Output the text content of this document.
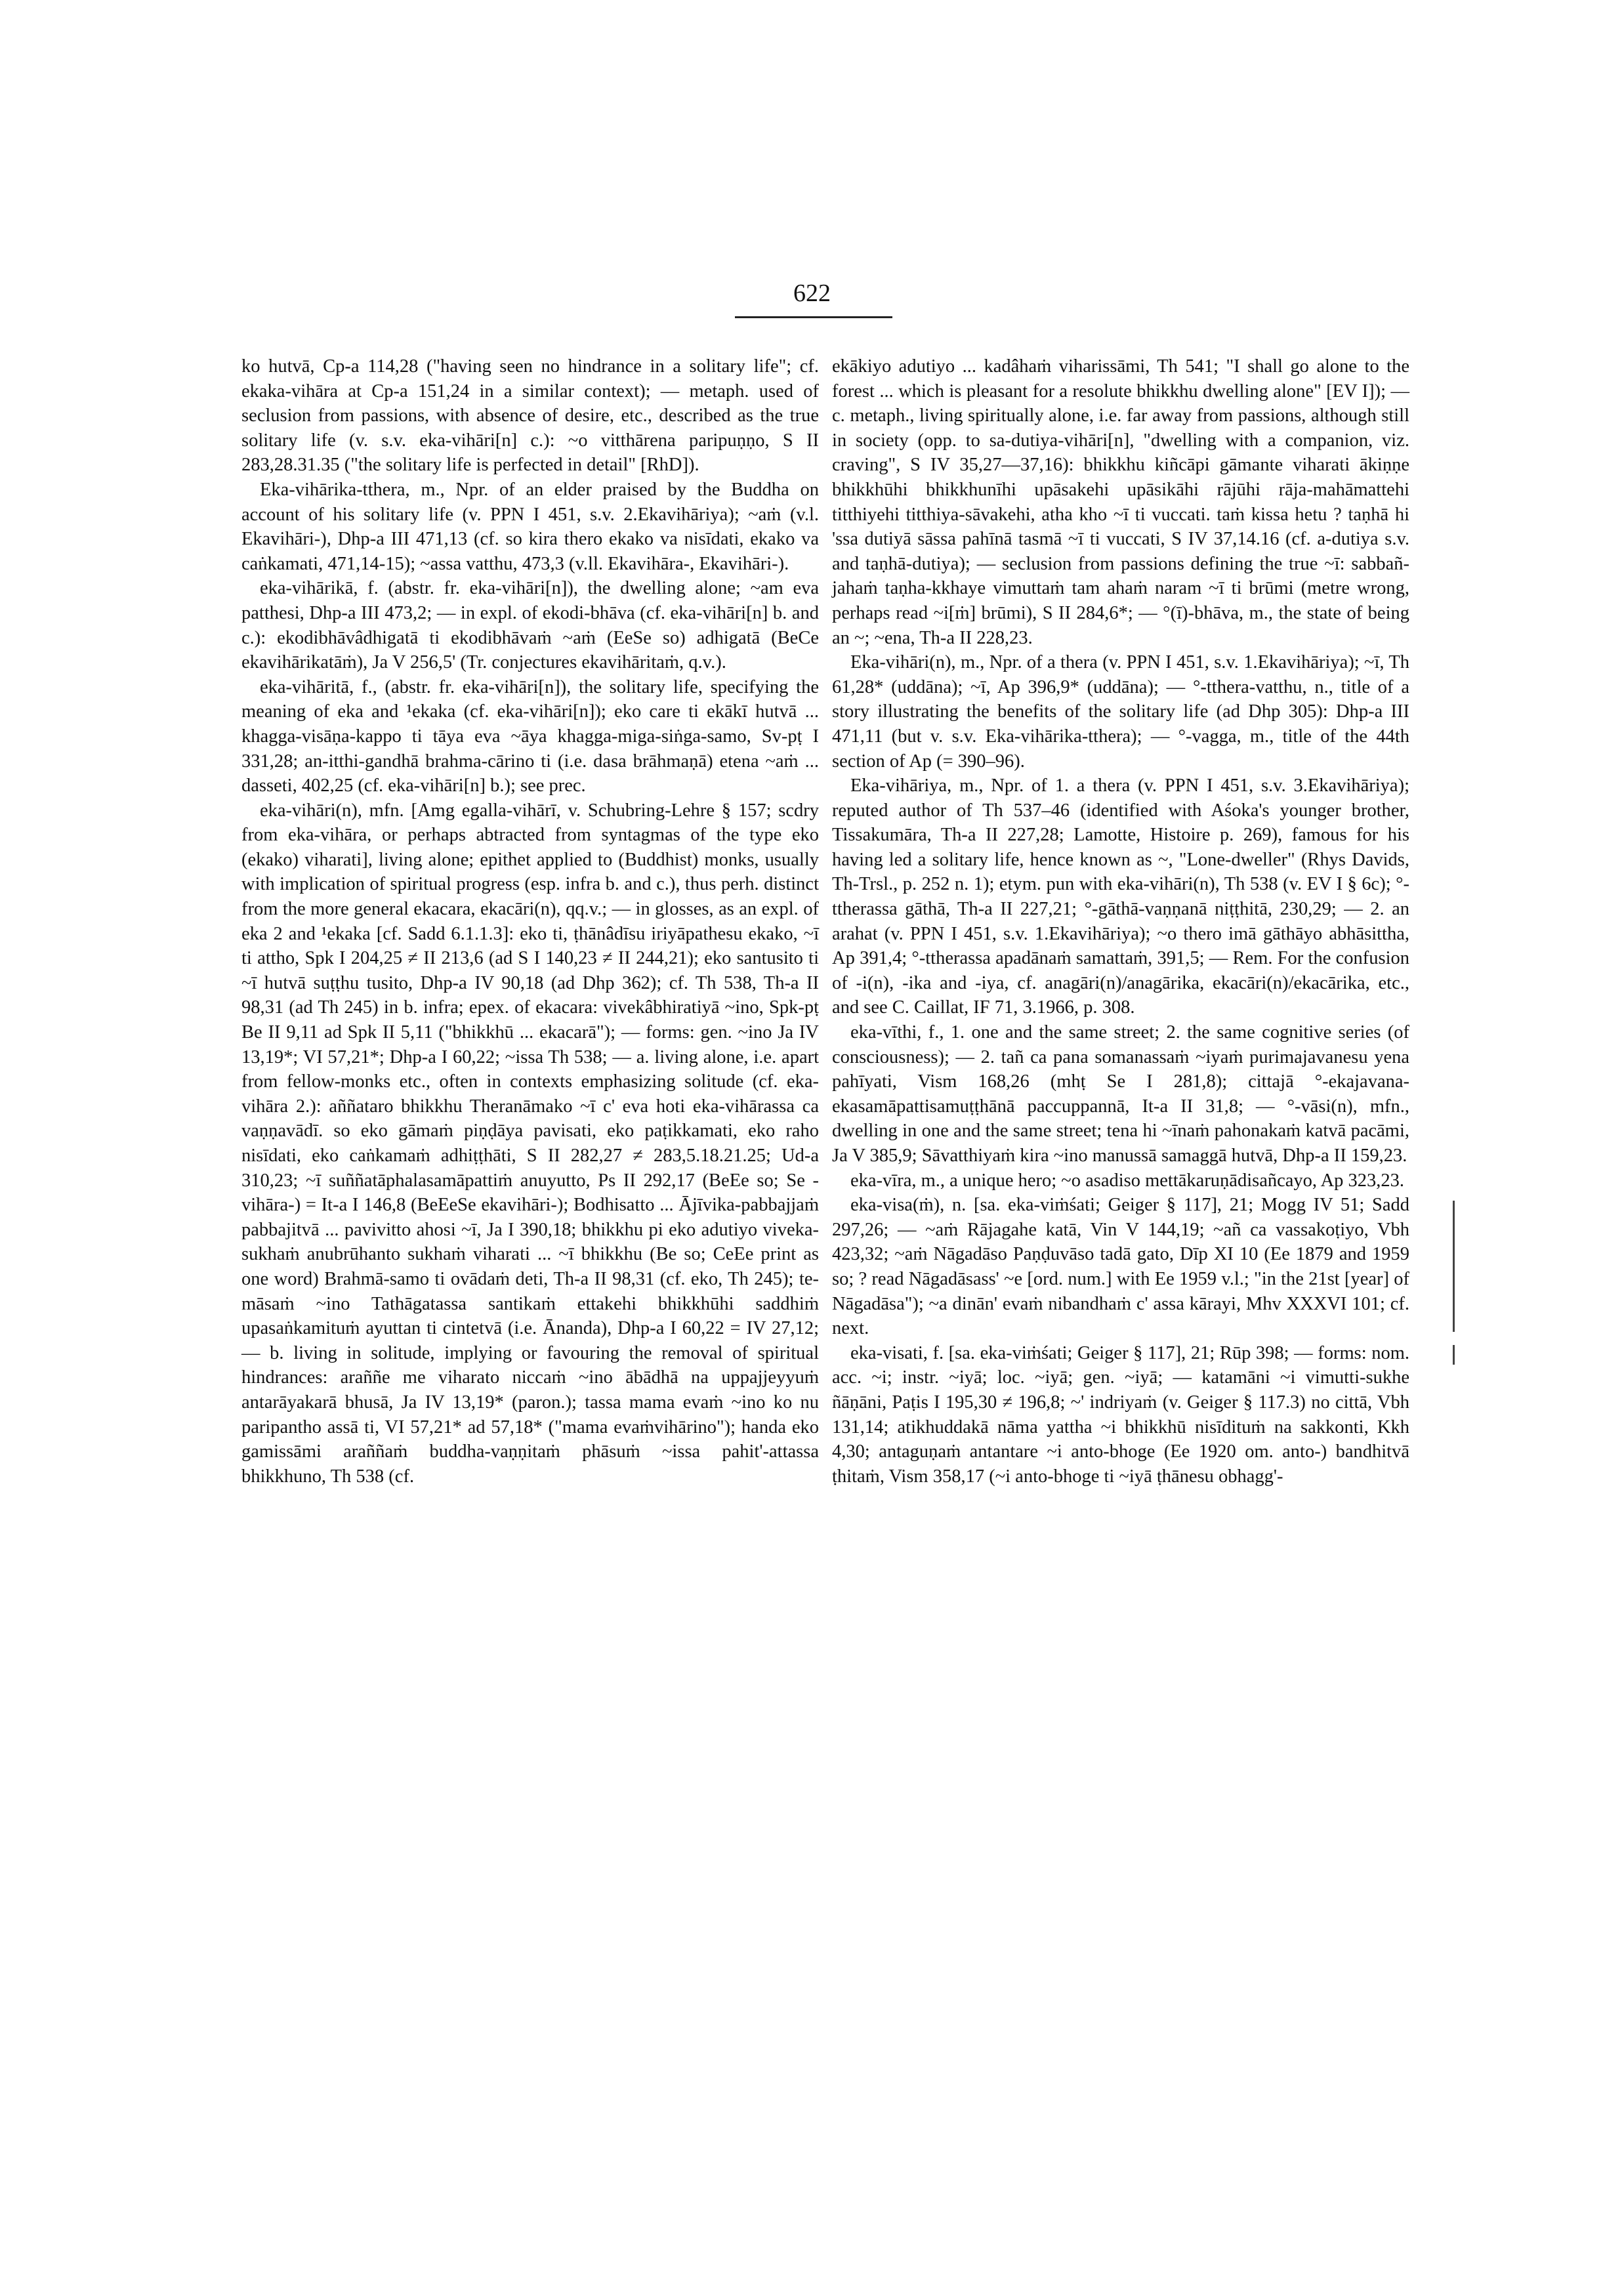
622

ko hutvā, Cp-a 114,28 ("having seen no hindrance in a solitary life"; cf. ekaka-vihāra at Cp-a 151,24 in a similar context); — metaph. used of seclusion from passions, with absence of desire, etc., described as the true solitary life (v. s.v. eka-vihāri[n] c.): ~o vitthārena paripuṇṇo, S II 283,28.31.35 ("the solitary life is perfected in detail" [RhD]).

Eka-vihārika-tthera, m., Npr. of an elder praised by the Buddha on account of his solitary life (v. PPN I 451, s.v. 2.Ekavihāriya); ~aṁ (v.l. Ekavihāri-), Dhp-a III 471,13 (cf. so kira thero ekako va nisīdati, ekako va caṅkamati, 471,14-15); ~assa vatthu, 473,3 (v.ll. Ekavihāra-, Ekavihāri-).

eka-vihārikā, f. (abstr. fr. eka-vihāri[n]), the dwelling alone; ~am eva patthesi, Dhp-a III 473,2; — in expl. of ekodi-bhāva (cf. eka-vihāri[n] b. and c.): ekodibhāvâdhigatā ti ekodibhāvaṁ ~aṁ (EeSe so) adhigatā (BeCe ekavihārikatāṁ), Ja V 256,5' (Tr. conjectures ekavihāritaṁ, q.v.).

eka-vihāritā, f., (abstr. fr. eka-vihāri[n]), the solitary life, specifying the meaning of eka and ¹ekaka (cf. eka-vihāri[n]); eko care ti ekākī hutvā ... khagga-visāṇa-kappo ti tāya eva ~āya khagga-miga-siṅga-samo, Sv-pṭ I 331,28; an-itthi-gandhā brahma-cārino ti (i.e. dasa brāhmaṇā) etena ~aṁ ... dasseti, 402,25 (cf. eka-vihāri[n] b.); see prec.

eka-vihāri(n), mfn. [Amg egalla-vihārī, v. Schubring-Lehre § 157; scdry from eka-vihāra, or perhaps abtracted from syntagmas of the type eko (ekako) viharati], living alone; epithet applied to (Buddhist) monks, usually with implication of spiritual progress (esp. infra b. and c.), thus perh. distinct from the more general ekacara, ekacāri(n), qq.v.; — in glosses, as an expl. of eka 2 and ¹ekaka [cf. Sadd 6.1.1.3]: eko ti, ṭhānâdīsu iriyāpathesu ekako, ~ī ti attho, Spk I 204,25 ≠ II 213,6 (ad S I 140,23 ≠ II 244,21); eko santusito ti ~ī hutvā suṭṭhu tusito, Dhp-a IV 90,18 (ad Dhp 362); cf. Th 538, Th-a II 98,31 (ad Th 245) in b. infra; epex. of ekacara: vivekâbhiratiyā ~ino, Spk-pṭ Be II 9,11 ad Spk II 5,11 ("bhikkhū ... ekacarā"); — forms: gen. ~ino Ja IV 13,19*; VI 57,21*; Dhp-a I 60,22; ~issa Th 538; — a. living alone, i.e. apart from fellow-monks etc., often in contexts emphasizing solitude (cf. eka-vihāra 2.): aññataro bhikkhu Theranāmako ~ī c' eva hoti eka-vihārassa ca vaṇṇavādī. so eko gāmaṁ piṇḍāya pavisati, eko paṭikkamati, eko raho nisīdati, eko caṅkamaṁ adhiṭṭhāti, S II 282,27 ≠ 283,5.18.21.25; Ud-a 310,23; ~ī suññatāphalasamāpattiṁ anuyutto, Ps II 292,17 (BeEe so; Se -vihāra-) = It-a I 146,8 (BeEeSe ekavihāri-); Bodhisatto ... Ājīvika-pabbajjaṁ pabbajitvā ... pavivitto ahosi ~ī, Ja I 390,18; bhikkhu pi eko adutiyo viveka-sukhaṁ anubrūhanto sukhaṁ viharati ... ~ī bhikkhu (Be so; CeEe print as one word) Brahmā-samo ti ovādaṁ deti, Th-a II 98,31 (cf. eko, Th 245); te-māsaṁ ~ino Tathāgatassa santikaṁ ettakehi bhikkhūhi saddhiṁ upasaṅkamituṁ ayuttan ti cintetvā (i.e. Ānanda), Dhp-a I 60,22 = IV 27,12; — b. living in solitude, implying or favouring the removal of spiritual hindrances: araññe me viharato niccaṁ ~ino ābādhā na uppajjeyyuṁ antarāyakarā bhusā, Ja IV 13,19* (paron.); tassa mama evaṁ ~ino ko nu paripantho assā ti, VI 57,21* ad 57,18* ("mama evaṁvihārino"); handa eko gamissāmi araññaṁ buddha-vaṇṇitaṁ phāsuṁ ~issa pahit'-attassa bhikkhuno, Th 538 (cf.

ekākiyo adutiyo ... kadâhaṁ viharissāmi, Th 541; "I shall go alone to the forest ... which is pleasant for a resolute bhikkhu dwelling alone" [EV I]); — c. metaph., living spiritually alone, i.e. far away from passions, although still in society (opp. to sa-dutiya-vihāri[n], "dwelling with a companion, viz. craving", S IV 35,27—37,16): bhikkhu kiñcāpi gāmante viharati ākiṇṇe bhikkhūhi bhikkhunīhi upāsakehi upāsikāhi rājūhi rāja-mahāmattehi titthiyehi titthiya-sāvakehi, atha kho ~ī ti vuccati. taṁ kissa hetu ? taṇhā hi 'ssa dutiyā sāssa pahīnā tasmā ~ī ti vuccati, S IV 37,14.16 (cf. a-dutiya s.v. and taṇhā-dutiya); — seclusion from passions defining the true ~ī: sabbañ-jahaṁ taṇha-kkhaye vimuttaṁ tam ahaṁ naram ~ī ti brūmi (metre wrong, perhaps read ~i[ṁ] brūmi), S II 284,6*; — °(ī)-bhāva, m., the state of being an ~; ~ena, Th-a II 228,23.

Eka-vihāri(n), m., Npr. of a thera (v. PPN I 451, s.v. 1.Ekavihāriya); ~ī, Th 61,28* (uddāna); ~ī, Ap 396,9* (uddāna); — °-tthera-vatthu, n., title of a story illustrating the benefits of the solitary life (ad Dhp 305): Dhp-a III 471,11 (but v. s.v. Eka-vihārika-tthera); — °-vagga, m., title of the 44th section of Ap (= 390–96).

Eka-vihāriya, m., Npr. of 1. a thera (v. PPN I 451, s.v. 3.Ekavihāriya); reputed author of Th 537–46 (identified with Aśoka's younger brother, Tissakumāra, Th-a II 227,28; Lamotte, Histoire p. 269), famous for his having led a solitary life, hence known as ~, "Lone-dweller" (Rhys Davids, Th-Trsl., p. 252 n. 1); etym. pun with eka-vihāri(n), Th 538 (v. EV I § 6c); °-ttherassa gāthā, Th-a II 227,21; °-gāthā-vaṇṇanā niṭṭhitā, 230,29; — 2. an arahat (v. PPN I 451, s.v. 1.Ekavihāriya); ~o thero imā gāthāyo abhāsittha, Ap 391,4; °-ttherassa apadānaṁ samattaṁ, 391,5; — Rem. For the confusion of -i(n), -ika and -iya, cf. anagāri(n)/anagārika, ekacāri(n)/ekacārika, etc., and see C. Caillat, IF 71, 3.1966, p. 308.

eka-vīthi, f., 1. one and the same street; 2. the same cognitive series (of consciousness); — 2. tañ ca pana somanassaṁ ~iyaṁ purimajavanesu yena pahīyati, Vism 168,26 (mhṭ Se I 281,8); cittajā °-ekajavana-ekasamāpattisamuṭṭhānā paccuppannā, It-a II 31,8; — °-vāsi(n), mfn., dwelling in one and the same street; tena hi ~īnaṁ pahonakaṁ katvā pacāmi, Ja V 385,9; Sāvatthiyaṁ kira ~ino manussā samaggā hutvā, Dhp-a II 159,23.

eka-vīra, m., a unique hero; ~o asadiso mettākaruṇādisañcayo, Ap 323,23.

eka-visa(ṁ), n. [sa. eka-viṁśati; Geiger § 117], 21; Mogg IV 51; Sadd 297,26; — ~aṁ Rājagahe katā, Vin V 144,19; ~añ ca vassakoṭiyo, Vbh 423,32; ~aṁ Nāgadāso Paṇḍuvāso tadā gato, Dīp XI 10 (Ee 1879 and 1959 so; ? read Nāgadāsass' ~e [ord. num.] with Ee 1959 v.l.; "in the 21st [year] of Nāgadāsa"); ~a dinān' evaṁ nibandhaṁ c' assa kārayi, Mhv XXXVI 101; cf. next.

eka-visati, f. [sa. eka-viṁśati; Geiger § 117], 21; Rūp 398; — forms: nom. acc. ~i; instr. ~iyā; loc. ~iyā; gen. ~iyā; — katamāni ~i vimutti-sukhe ñāṇāni, Paṭis I 195,30 ≠ 196,8; ~' indriyaṁ (v. Geiger § 117.3) no cittā, Vbh 131,14; atikhuddakā nāma yattha ~i bhikkhū nisīdituṁ na sakkonti, Kkh 4,30; antaguṇaṁ antantare ~i anto-bhoge (Ee 1920 om. anto-) bandhitvā ṭhitaṁ, Vism 358,17 (~i anto-bhoge ti ~iyā ṭhānesu obhagg'-
